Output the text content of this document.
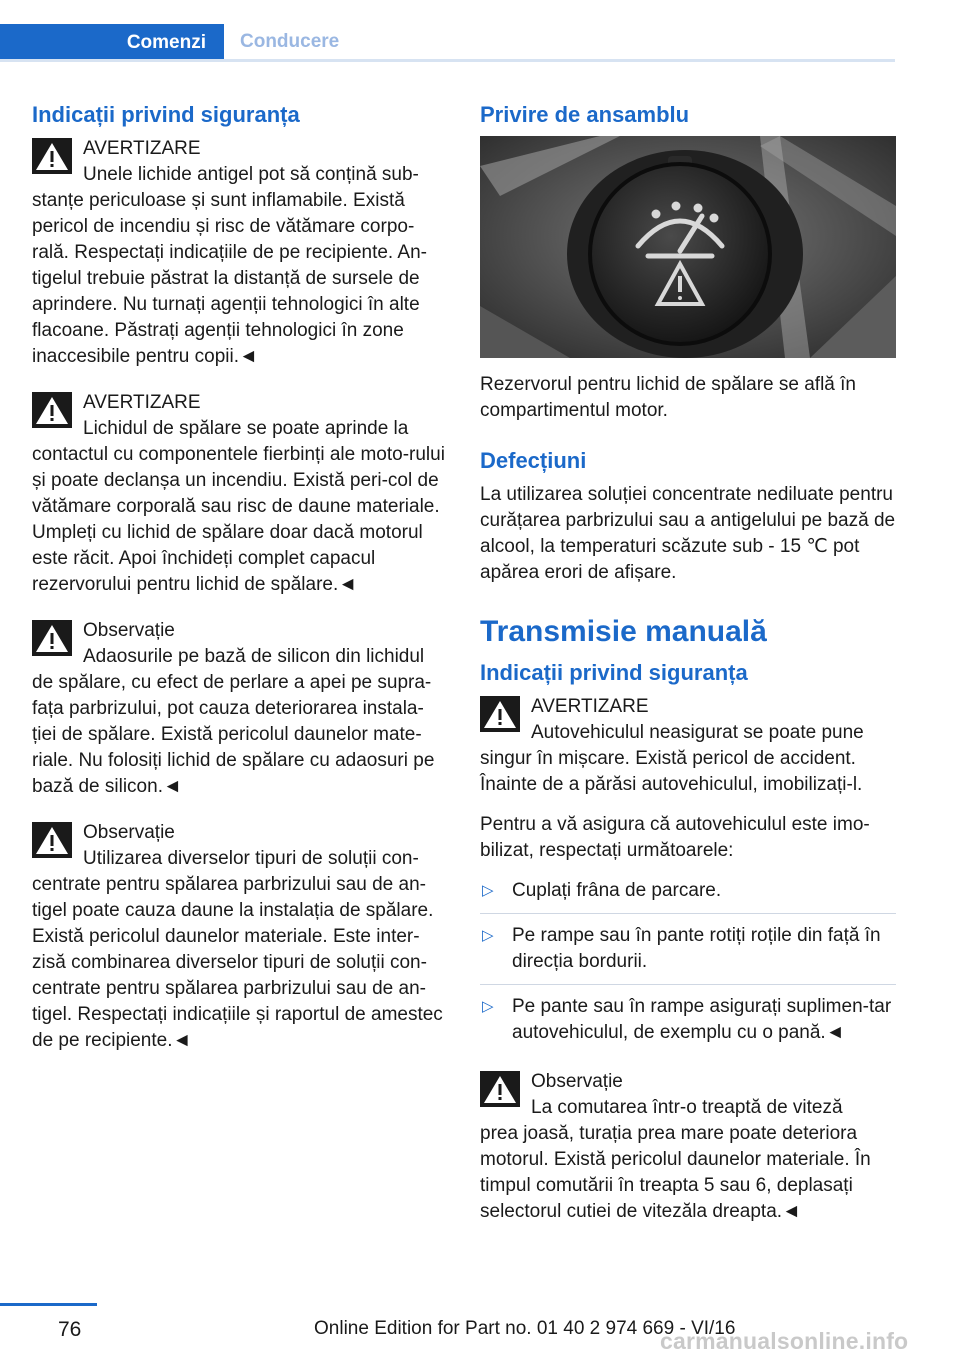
Comenzi	Conducere
Indicații privind siguranța
AVERTIZARE
Unele lichide antigel pot să conțină sub-
stanțe periculoase și sunt inflamabile. Există pericol de incendiu și risc de vătămare corpo-rală. Respectați indicațiile de pe recipiente. An-tigelul trebuie păstrat la distanță de sursele de aprindere. Nu turnați agenții tehnologici în alte flacoane. Păstrați agenții tehnologici în zone inaccesibile pentru copii.◄
AVERTIZARE
Lichidul de spălare se poate aprinde la
contactul cu componentele fierbinți ale moto-rului și poate declanșa un incendiu. Există peri-col de vătămare corporală sau risc de daune materiale. Umpleți cu lichid de spălare doar dacă motorul este răcit. Apoi închideți complet capacul rezervorului pentru lichid de spălare.◄
Observație
Adaosurile pe bază de silicon din lichidul
de spălare, cu efect de perlare a apei pe supra-fața parbrizului, pot cauza deteriorarea instala-ției de spălare. Există pericolul daunelor mate-riale. Nu folosiți lichid de spălare cu adaosuri pe bază de silicon.◄
Observație
Utilizarea diverselor tipuri de soluții con-
centrate pentru spălarea parbrizului sau de an-tigel poate cauza daune la instalația de spălare. Există pericolul daunelor materiale. Este inter-zisă combinarea diverselor tipuri de soluții con-centrate pentru spălarea parbrizului sau de an-tigel. Respectați indicațiile și raportul de amestec de pe recipiente.◄
Privire de ansamblu

Rezervorul pentru lichid de spălare se află în compartimentul motor.

Defecțiuni

La utilizarea soluției concentrate nediluate pentru curățarea parbrizului sau a antigelului pe bază de alcool, la temperaturi scăzute sub - 15 ℃ pot apărea erori de afișare.

Transmisie manuală
Indicații privind siguranța
AVERTIZARE
Autovehiculul neasigurat se poate pune
singur în mișcare. Există pericol de accident. Înainte de a părăsi autovehiculul, imobilizați-l.

Pentru a vă asigura că autovehiculul este imo-bilizat, respectați următoarele:

▷ Cuplați frâna de parcare.
▷ Pe rampe sau în pante rotiți roțile din față în direcția bordurii.
▷ Pe pante sau în rampe asigurați suplimen-tar autovehiculul, de exemplu cu o pană.◄
Observație
La comutarea într-o treaptă de viteză
prea joasă, turația prea mare poate deteriora motorul. Există pericolul daunelor materiale. În timpul comutării în treapta 5 sau 6, deplasați selectorul cutiei de vitezăla dreapta.◄
76	Online Edition for Part no. 01 40 2 974 669 - VI/16
carmanualsonline.info
